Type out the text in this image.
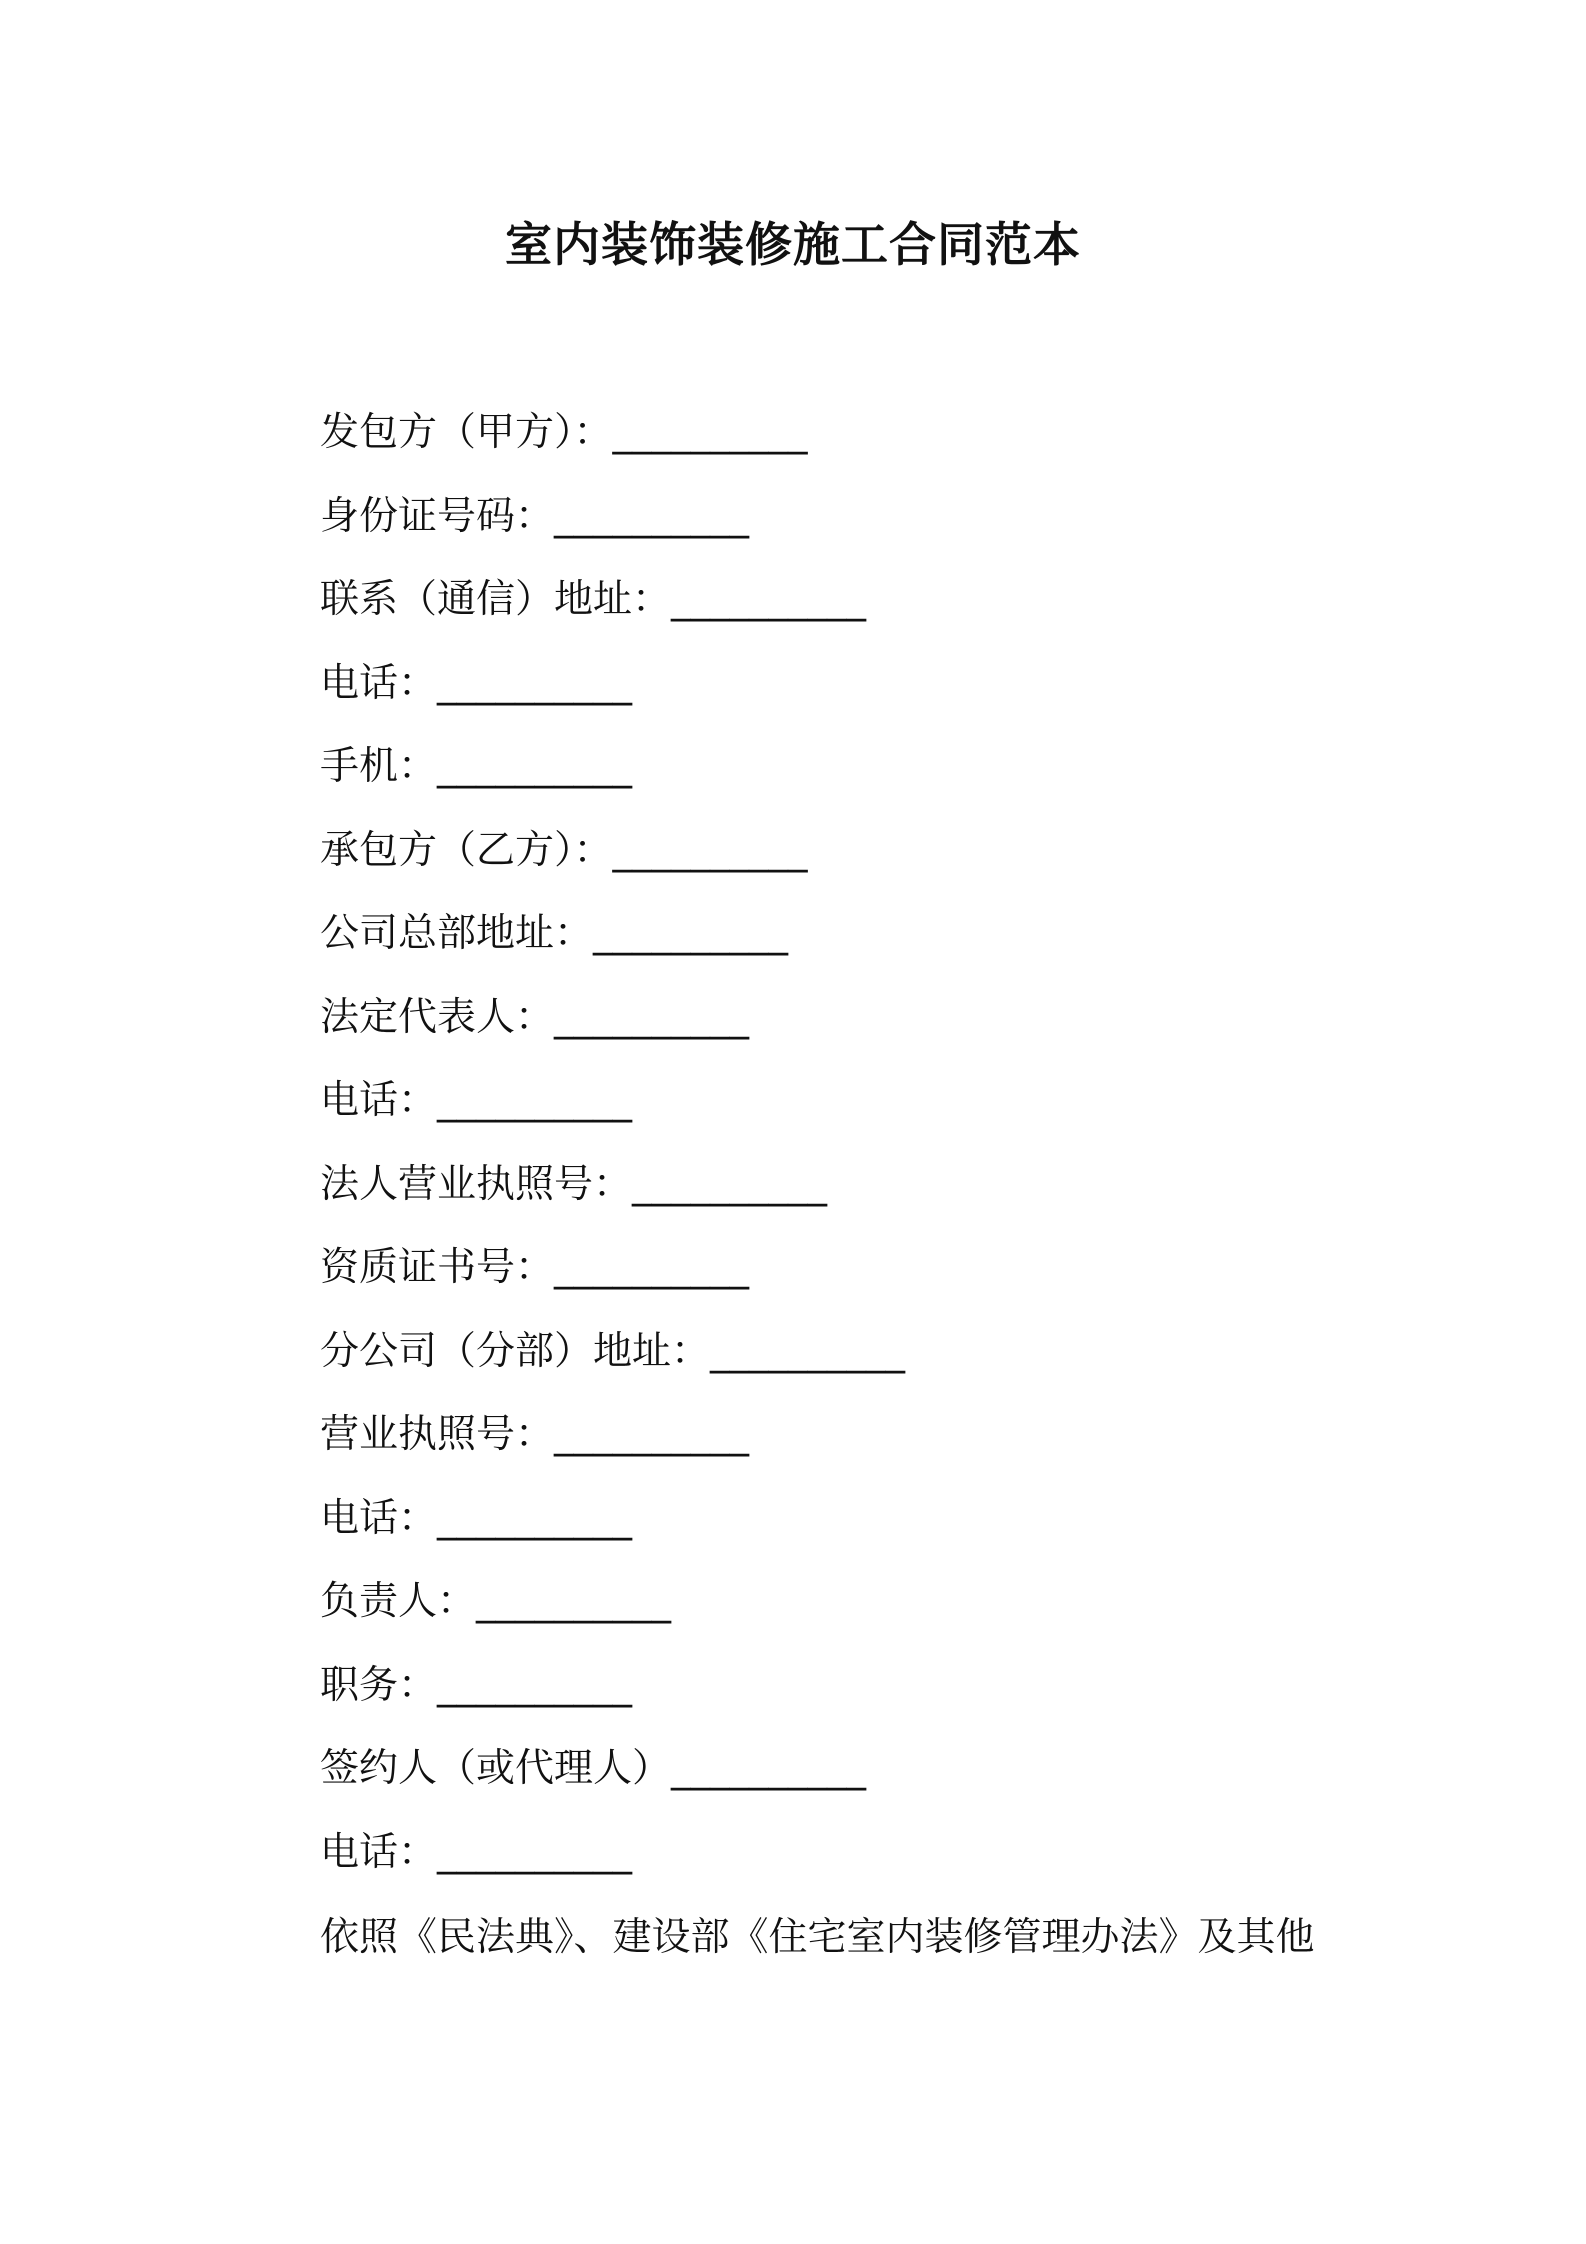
室内装饰装修施工合同范本
发包方（甲方）：__________
身份证号码：__________
联系（通信）地址：__________
电话：__________
手机：__________
承包方（乙方）：__________
公司总部地址：__________
法定代表人：__________
电话：__________
法人营业执照号：__________
资质证书号：__________
分公司（分部）地址：__________
营业执照号：__________
电话：__________
负责人：__________
职务：__________
签约人（或代理人）__________
电话：__________
依照《民法典》、建设部《住宅室内装修管理办法》及其他
